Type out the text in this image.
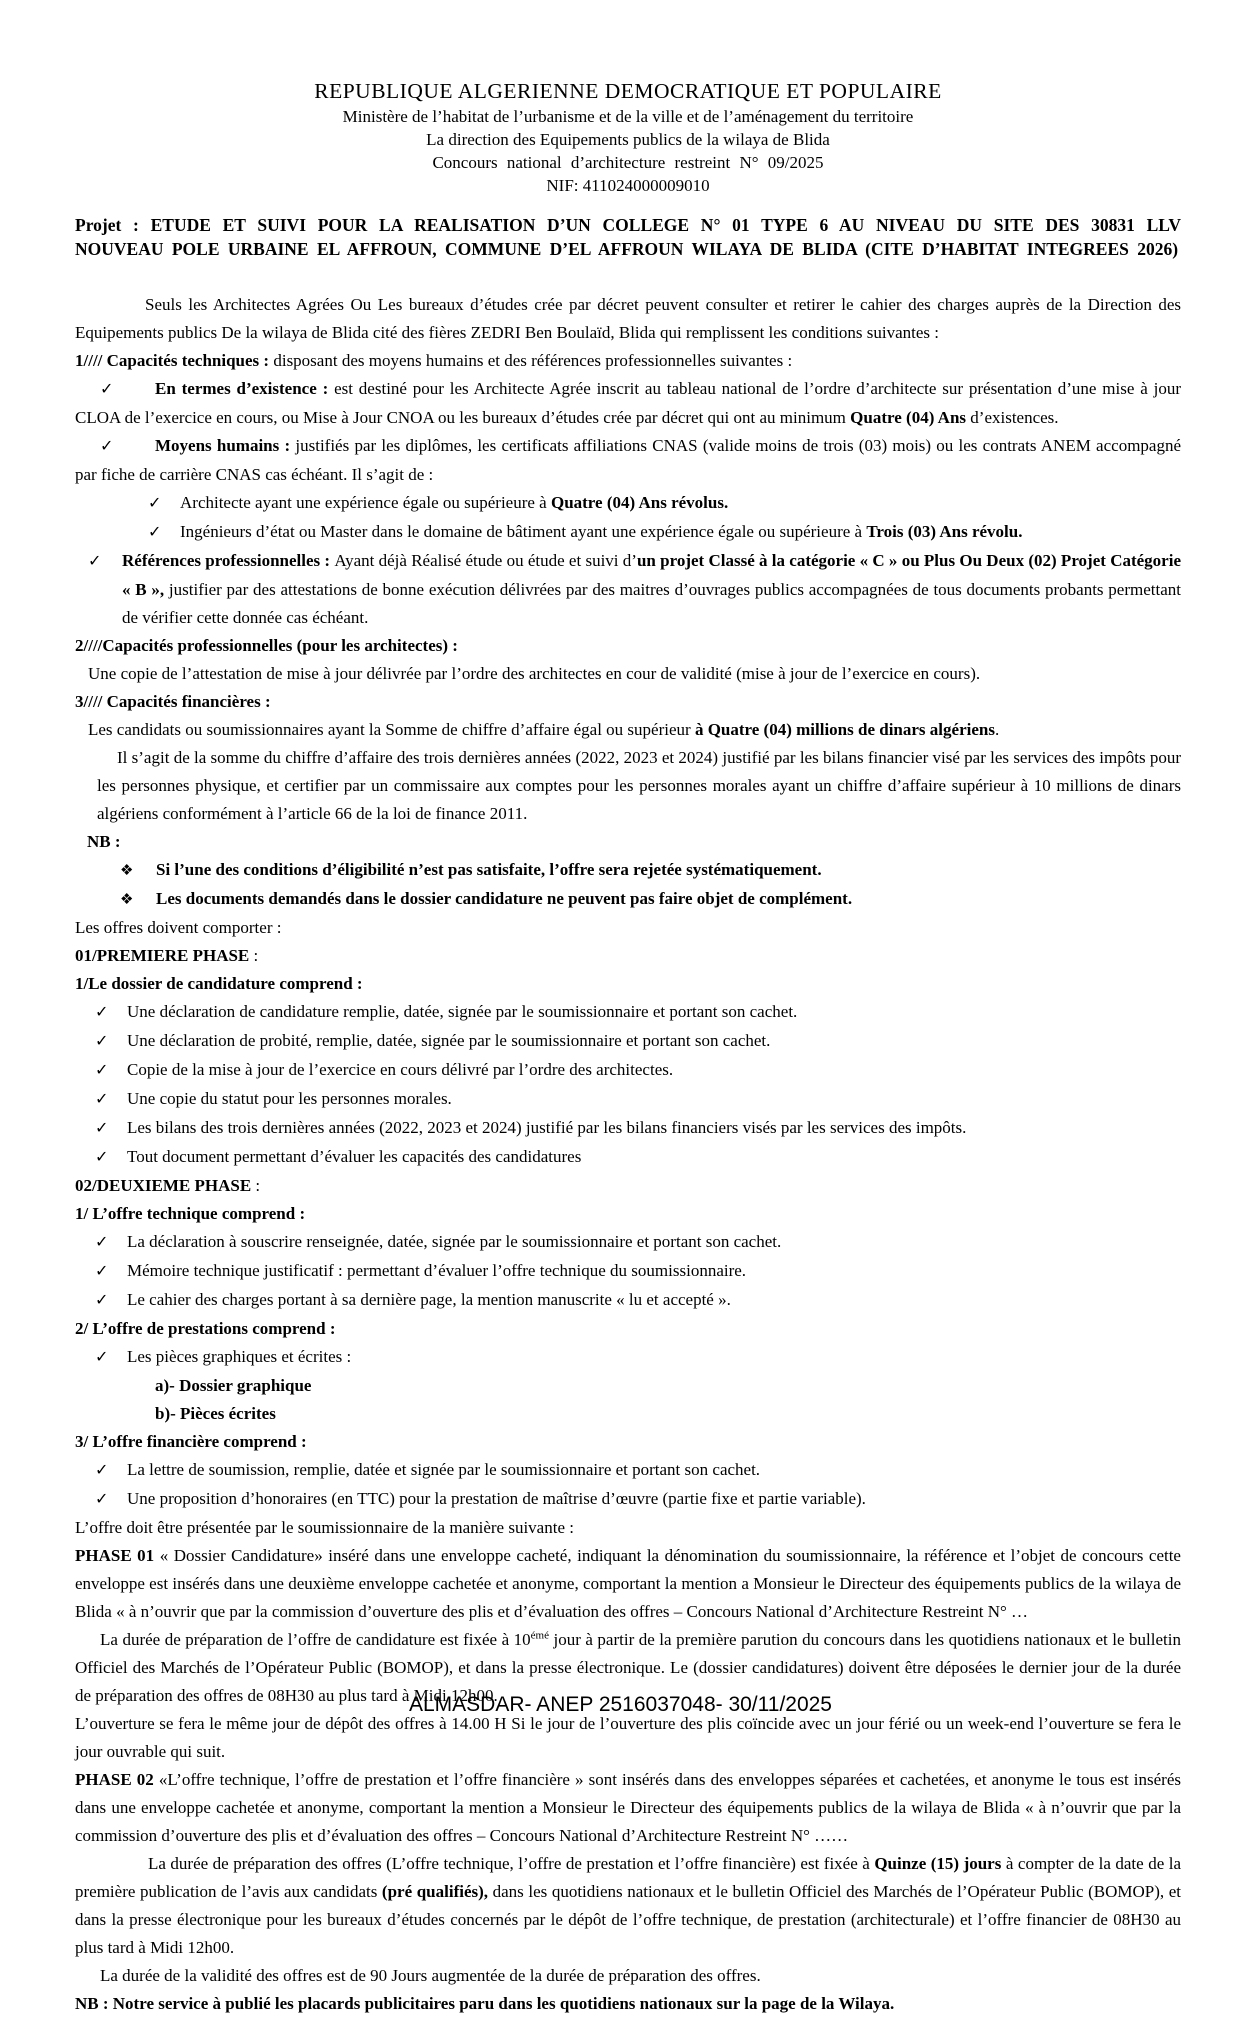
REPUBLIQUE ALGERIENNE DEMOCRATIQUE ET POPULAIRE
Ministère de l’habitat de l’urbanisme et de la ville et de l’aménagement du territoire
La direction des Equipements publics de la wilaya de Blida
Concours national d’architecture restreint N° 09/2025
NIF: 411024000009010

Projet : ETUDE ET SUIVI POUR LA REALISATION D’UN COLLEGE N° 01 TYPE 6 AU NIVEAU DU SITE DES 30831 LLV NOUVEAU POLE URBAINE EL AFFROUN, COMMUNE D’EL AFFROUN WILAYA DE BLIDA (CITE D’HABITAT INTEGREES 2026)

Seuls les Architectes Agrées Ou Les bureaux d’études crée par décret peuvent consulter et retirer le cahier des charges auprès de la Direction des Equipements publics De la wilaya de Blida cité des fières ZEDRI Ben Boulaïd, Blida qui remplissent les conditions suivantes :

1//// Capacités techniques : disposant des moyens humains et des références professionnelles suivantes :

✓ En termes d’existence : est destiné pour les Architecte Agrée inscrit au tableau national de l’ordre d’architecte sur présentation d’une mise à jour CLOA de l’exercice en cours, ou Mise à Jour CNOA ou les bureaux d’études crée par décret qui ont au minimum Quatre (04) Ans d’existences.

✓ Moyens humains : justifiés par les diplômes, les certificats affiliations CNAS (valide moins de trois (03) mois) ou les contrats ANEM accompagné par fiche de carrière CNAS cas échéant. Il s’agit de :

✓ Architecte ayant une expérience égale ou supérieure à Quatre (04) Ans révolus.

✓ Ingénieurs d’état ou Master dans le domaine de bâtiment ayant une expérience égale ou supérieure à Trois (03) Ans révolu.

✓ Références professionnelles : Ayant déjà Réalisé étude ou étude et suivi d’un projet Classé à la catégorie « C » ou Plus Ou Deux (02) Projet Catégorie « B », justifier par des attestations de bonne exécution délivrées par des maitres d’ouvrages publics accompagnées de tous documents probants permettant de vérifier cette donnée cas échéant.

2////Capacités professionnelles (pour les architectes) :

Une copie de l’attestation de mise à jour délivrée par l’ordre des architectes en cour de validité (mise à jour de l’exercice en cours).

3//// Capacités financières :

Les candidats ou soumissionnaires ayant la Somme de chiffre d’affaire égal ou supérieur à Quatre (04) millions de dinars algériens.

Il s’agit de la somme du chiffre d’affaire des trois dernières années (2022, 2023 et 2024) justifié par les bilans financier visé par les services des impôts pour les personnes physique, et certifier par un commissaire aux comptes pour les personnes morales ayant un chiffre d’affaire supérieur à 10 millions de dinars algériens conformément à l’article 66 de la loi de finance 2011.

NB :

❖ Si l’une des conditions d’éligibilité n’est pas satisfaite, l’offre sera rejetée systématiquement.

❖ Les documents demandés dans le dossier candidature ne peuvent pas faire objet de complément.

Les offres doivent comporter :

01/PREMIERE PHASE :

1/Le dossier de candidature comprend :

✓ Une déclaration de candidature remplie, datée, signée par le soumissionnaire et portant son cachet.

✓ Une déclaration de probité, remplie, datée, signée par le soumissionnaire et portant son cachet.

✓ Copie de la mise à jour de l’exercice en cours délivré par l’ordre des architectes.

✓ Une copie du statut pour les personnes morales.

✓ Les bilans des trois dernières années (2022, 2023 et 2024) justifié par les bilans financiers visés par les services des impôts.

✓ Tout document permettant d’évaluer les capacités des candidatures

02/DEUXIEME PHASE :

1/ L’offre technique comprend :

✓ La déclaration à souscrire renseignée, datée, signée par le soumissionnaire et portant son cachet.

✓ Mémoire technique justificatif : permettant d’évaluer l’offre technique du soumissionnaire.

✓ Le cahier des charges portant à sa dernière page, la mention manuscrite « lu et accepté ».

2/ L’offre de prestations comprend :

✓ Les pièces graphiques et écrites :

a)- Dossier graphique

b)- Pièces écrites

3/ L’offre financière comprend :

✓ La lettre de soumission, remplie, datée et signée par le soumissionnaire et portant son cachet.

✓ Une proposition d’honoraires (en TTC) pour la prestation de maîtrise d’œuvre (partie fixe et partie variable).

L’offre doit être présentée par le soumissionnaire de la manière suivante :

PHASE 01 « Dossier Candidature» inséré dans une enveloppe cacheté, indiquant la dénomination du soumissionnaire, la référence et l’objet de concours cette enveloppe est insérés dans une deuxième enveloppe cachetée et anonyme, comportant la mention a Monsieur le Directeur des équipements publics de la wilaya de Blida « à n’ouvrir que par la commission d’ouverture des plis et d’évaluation des offres – Concours National d’Architecture Restreint N° …

La durée de préparation de l’offre de candidature est fixée à $10^{émé}$ jour à partir de la première parution du concours dans les quotidiens nationaux et le bulletin Officiel des Marchés de l’Opérateur Public (BOMOP), et dans la presse électronique. Le (dossier candidatures) doivent être déposées le dernier jour de la durée de préparation des offres de 08H30 au plus tard à Midi 12h00.

L’ouverture se fera le même jour de dépôt des offres à 14.00 H Si le jour de l’ouverture des plis coïncide avec un jour férié ou un week-end l’ouverture se fera le jour ouvrable qui suit.

PHASE 02 «L’offre technique, l’offre de prestation et l’offre financière » sont insérés dans des enveloppes séparées et cachetées, et anonyme le tous est insérés dans une enveloppe cachetée et anonyme, comportant la mention a Monsieur le Directeur des équipements publics de la wilaya de Blida « à n’ouvrir que par la commission d’ouverture des plis et d’évaluation des offres – Concours National d’Architecture Restreint N° ……

La durée de préparation des offres (L’offre technique, l’offre de prestation et l’offre financière) est fixée à Quinze (15) jours à compter de la date de la première publication de l’avis aux candidats (pré qualifiés), dans les quotidiens nationaux et le bulletin Officiel des Marchés de l’Opérateur Public (BOMOP), et dans la presse électronique pour les bureaux d’études concernés par le dépôt de l’offre technique, de prestation (architecturale) et l’offre financier de 08H30 au plus tard à Midi 12h00.

La durée de la validité des offres est de 90 Jours augmentée de la durée de préparation des offres.

NB : Notre service à publié les placards publicitaires paru dans les quotidiens nationaux sur la page de la Wilaya.

ALMASDAR- ANEP 2516037048- 30/11/2025
